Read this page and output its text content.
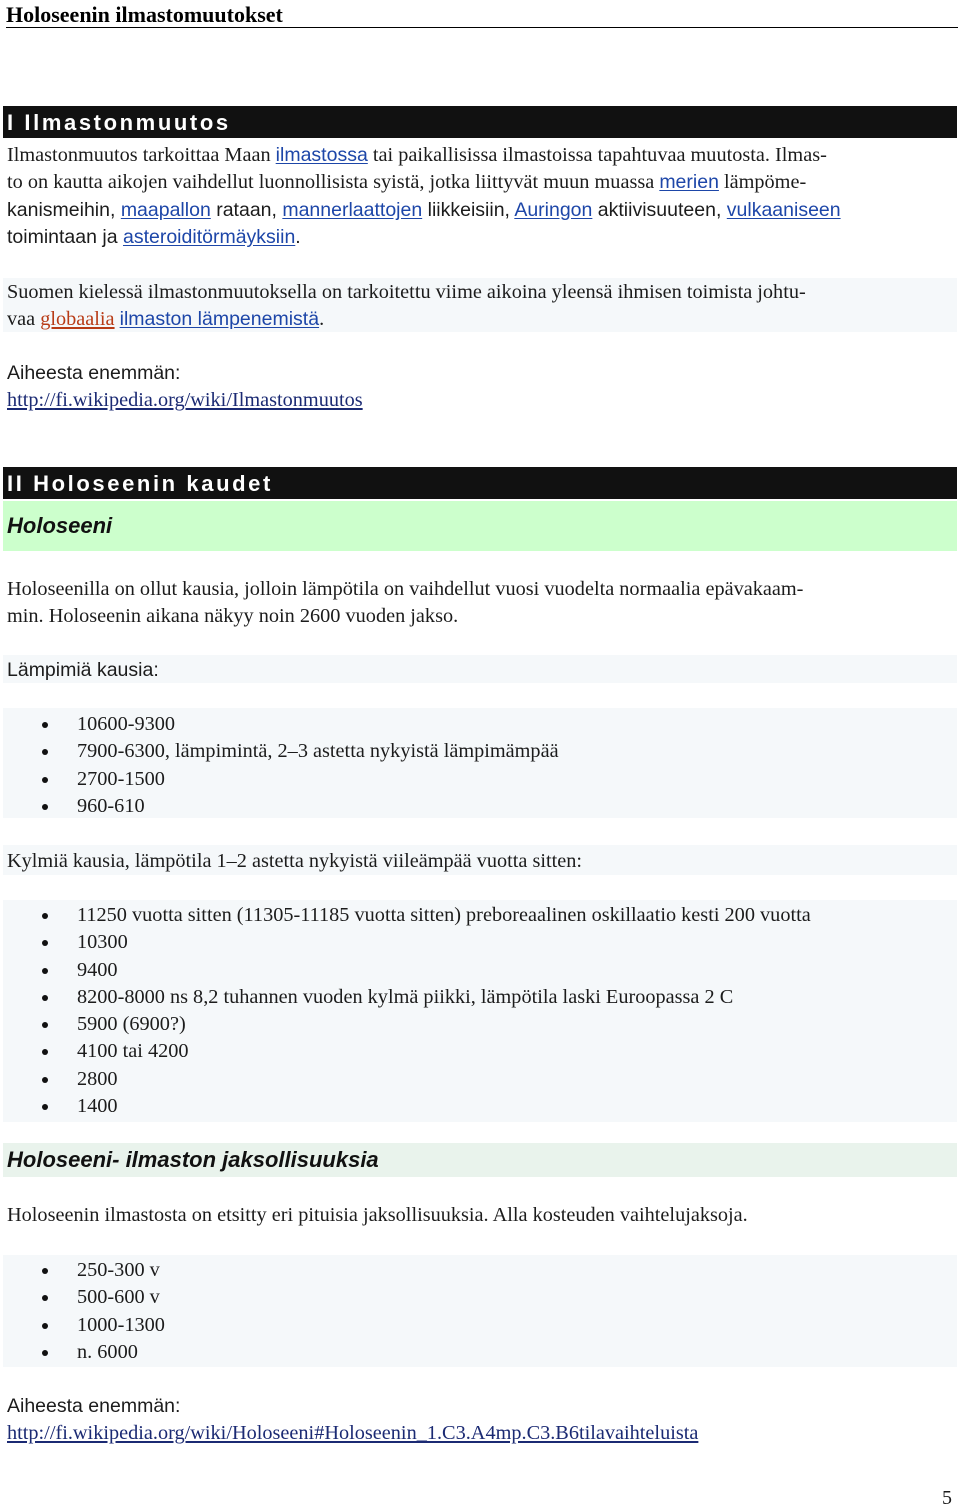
Holoseenin ilmastomuutokset
I Ilmastonmuutos
Ilmastonmuutos tarkoittaa Maan ilmastossa tai paikallisissa ilmastoissa tapahtuvaa muutosta. Ilmas-
to on kautta aikojen vaihdellut luonnollisista syistä, jotka liittyvät muun muassa merien lämpöme-
kanismeihin, maapallon rataan, mannerlaattojen liikkeisiin, Auringon aktiivisuuteen, vulkaaniseen
toimintaan ja asteroiditörmäyksiin.
Suomen kielessä ilmastonmuutoksella on tarkoitettu viime aikoina yleensä ihmisen toimista johtu-
vaa globaalia ilmaston lämpenemistä.
Aiheesta enemmän:
http://fi.wikipedia.org/wiki/Ilmastonmuutos
II Holoseenin kaudet
Holoseeni
Holoseenilla on ollut kausia, jolloin lämpötila on vaihdellut vuosi vuodelta normaalia epävakaam-
min. Holoseenin aikana näkyy noin 2600 vuoden jakso.
Lämpimiä kausia:
10600-9300
7900-6300, lämpimintä, 2–3 astetta nykyistä lämpimämpää
2700-1500
960-610
Kylmiä kausia, lämpötila 1–2 astetta nykyistä viileämpää vuotta sitten:
11250 vuotta sitten (11305-11185 vuotta sitten) preboreaalinen oskillaatio kesti 200 vuotta
10300
9400
8200-8000 ns 8,2 tuhannen vuoden kylmä piikki, lämpötila laski Euroopassa 2 C
5900 (6900?)
4100 tai 4200
2800
1400
Holoseeni- ilmaston jaksollisuuksia
Holoseenin ilmastosta on etsitty eri pituisia jaksollisuuksia. Alla kosteuden vaihtelujaksoja.
250-300 v
500-600 v
1000-1300
n. 6000
Aiheesta enemmän:
http://fi.wikipedia.org/wiki/Holoseeni#Holoseenin_1.C3.A4mp.C3.B6tilavaihteluista
5
